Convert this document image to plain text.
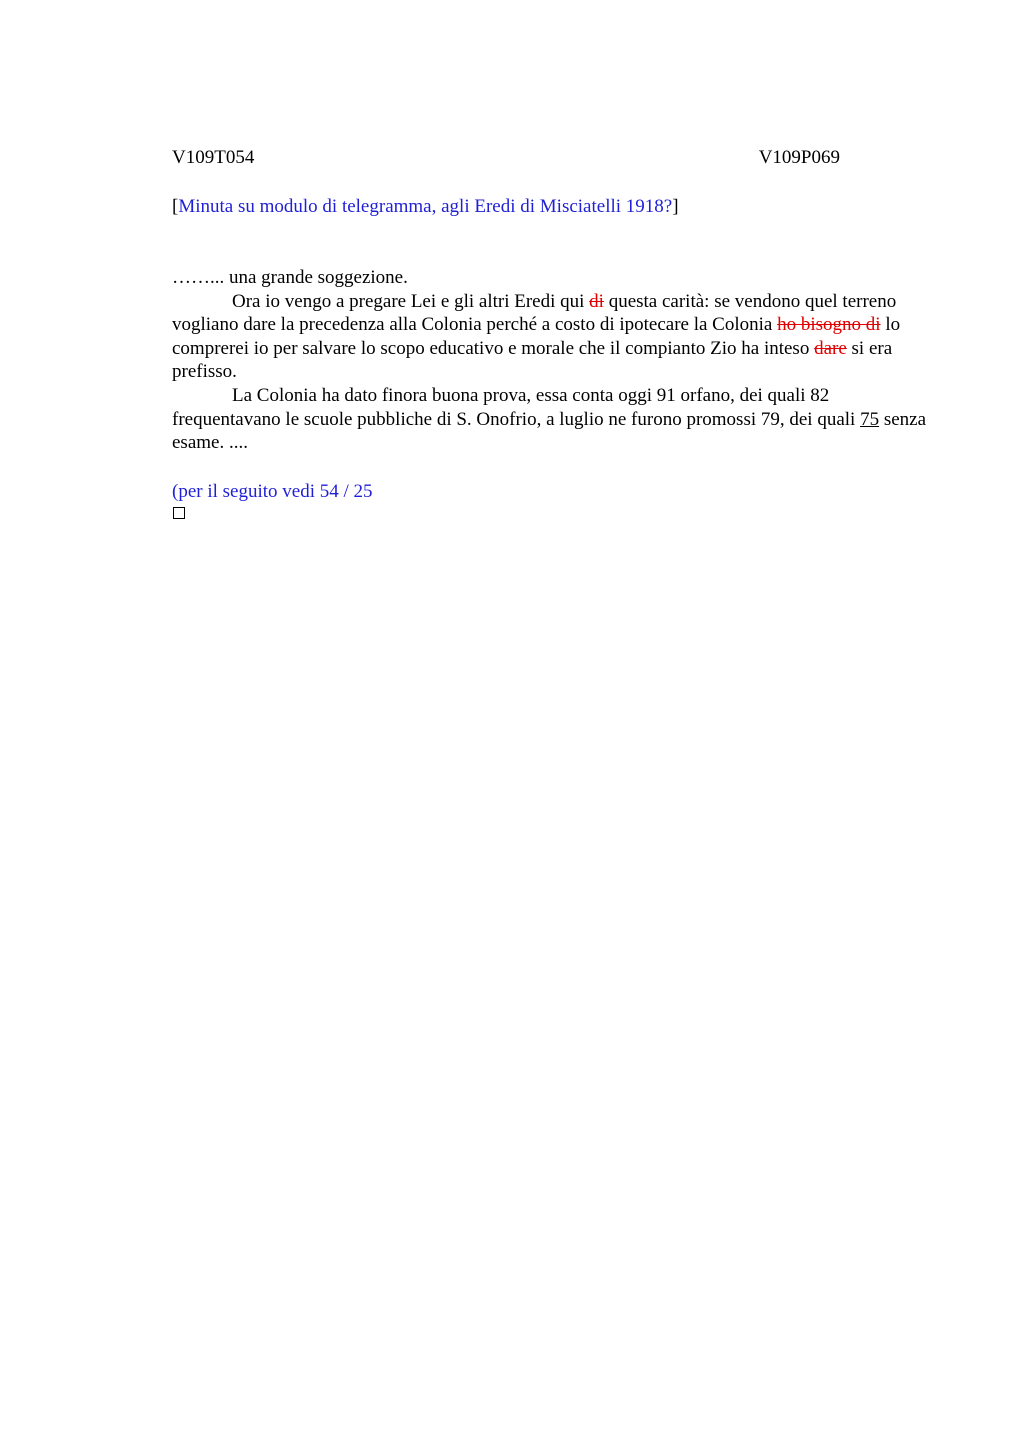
V109T054	V109P069
[Minuta su modulo di telegramma, agli Eredi di Misciatelli 1918?]

……... una grande soggezione.

Ora io vengo a pregare Lei e gli altri Eredi qui di questa carità: se vendono quel terreno vogliano dare la precedenza alla Colonia perché a costo di ipotecare la Colonia ho bisogno di lo comprerei io per salvare lo scopo educativo e morale che il compianto Zio ha inteso dare si era prefisso.

La Colonia ha dato finora buona prova, essa conta oggi 91 orfano, dei quali 82 frequentavano le scuole pubbliche di S. Onofrio, a luglio ne furono promossi 79, dei quali 75 senza esame. ....

(per il seguito vedi 54 / 25
